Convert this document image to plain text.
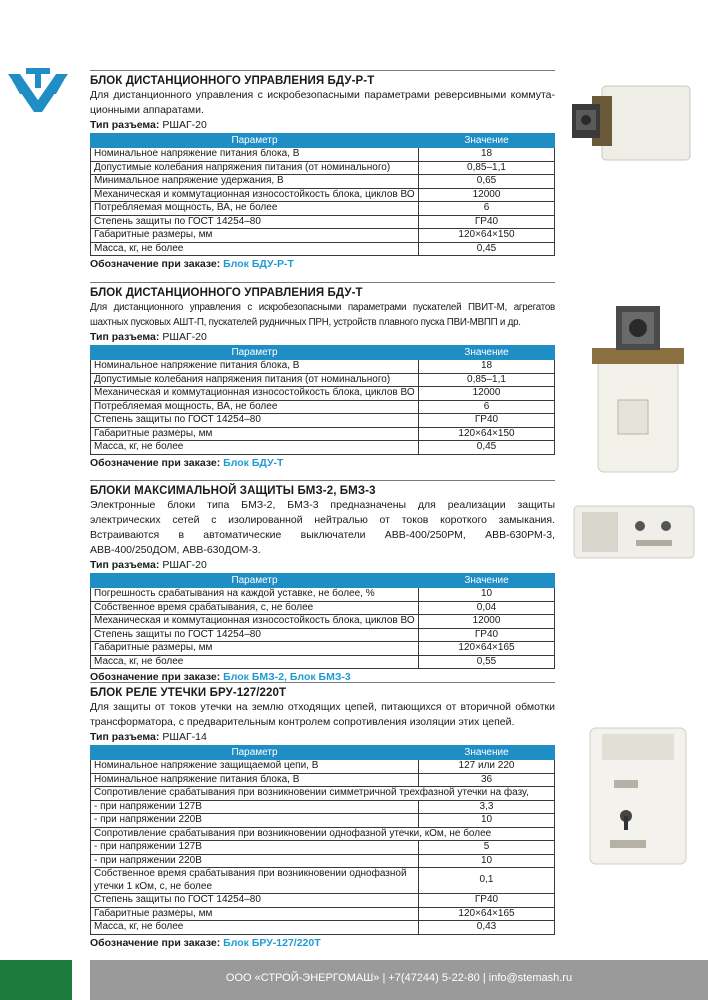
БЛОК ДИСТАНЦИОННОГО УПРАВЛЕНИЯ БДУ-Р-Т

Для дистанционного управления с искробезопасными параметрами реверсивными коммута-ционными аппаратами.

Тип разъема: РШАГ-20
Параметр	Значение
Номинальное напряжение питания блока, В	18
Допустимые колебания напряжения питания (от номинального)	0,85–1,1
Минимальное напряжение удержания, В	0,65
Механическая и коммутационная износостойкость блока, циклов ВО	12000
Потребляемая мощность, ВА, не более	6
Степень защиты по ГОСТ 14254–80	ГР40
Габаритные размеры, мм	120×64×150
Масса, кг, не более	0,45
Обозначение при заказе: Блок БДУ-Р-Т
БЛОК ДИСТАНЦИОННОГО УПРАВЛЕНИЯ БДУ-Т

Для дистанционного управления с искробезопасными параметрами пускателей ПВИТ-М, агрегатов шахтных пусковых АШТ-П, пускателей рудничных ПРН, устройств плавного пуска ПВИ-МВПП и др.

Тип разъема: РШАГ-20
Параметр	Значение
Номинальное напряжение питания блока, В	18
Допустимые колебания напряжения питания (от номинального)	0,85–1,1
Механическая и коммутационная износостойкость блока, циклов ВО	12000
Потребляемая мощность, ВА, не более	6
Степень защиты по ГОСТ 14254–80	ГР40
Габаритные размеры, мм	120×64×150
Масса, кг, не более	0,45
Обозначение при заказе: Блок БДУ-Т
БЛОКИ МАКСИМАЛЬНОЙ ЗАЩИТЫ БМЗ-2, БМЗ-3

Электронные блоки типа БМЗ-2, БМЗ-3 предназначены для реализации защиты электрических сетей с изолированной нейтралью от токов короткого замыкания. Встраиваются в автоматические выключатели АВВ-400/250РМ, АВВ-630РМ-3, АВВ-400/250ДОМ, АВВ-630ДОМ-3.

Тип разъема: РШАГ-20
Параметр	Значение
Погрешность срабатывания на каждой уставке, не более, %	10
Собственное время срабатывания, с, не более	0,04
Механическая и коммутационная износостойкость блока, циклов ВО	12000
Степень защиты по ГОСТ 14254–80	ГР40
Габаритные размеры, мм	120×64×165
Масса, кг, не более	0,55
Обозначение при заказе: Блок БМЗ-2, Блок БМЗ-3
БЛОК РЕЛЕ УТЕЧКИ БРУ-127/220Т

Для защиты от токов утечки на землю отходящих цепей, питающихся от вторичной обмотки трансформатора, с предварительным контролем сопротивления изоляции этих цепей.

Тип разъема: РШАГ-14
Параметр	Значение
Номинальное напряжение защищаемой цепи, В	127 или 220
Номинальное напряжение питания блока, В	36
Сопротивление срабатывания при возникновении симметричной трехфазной утечки на фазу,	
- при напряжении 127В	3,3
- при напряжении 220В	10
Сопротивление срабатывания при возникновении однофазной утечки, кОм, не более	
- при напряжении 127В	5
- при напряжении 220В	10
Собственное время срабатывания при возникновении однофазной утечки 1 кОм, с, не более	0,1
Степень защиты по ГОСТ 14254–80	ГР40
Габаритные размеры, мм	120×64×165
Масса, кг, не более	0,43
Обозначение при заказе: Блок БРУ-127/220Т
ООО «СТРОЙ-ЭНЕРГОМАШ» | +7(47244) 5-22-80 | info@stemash.ru
